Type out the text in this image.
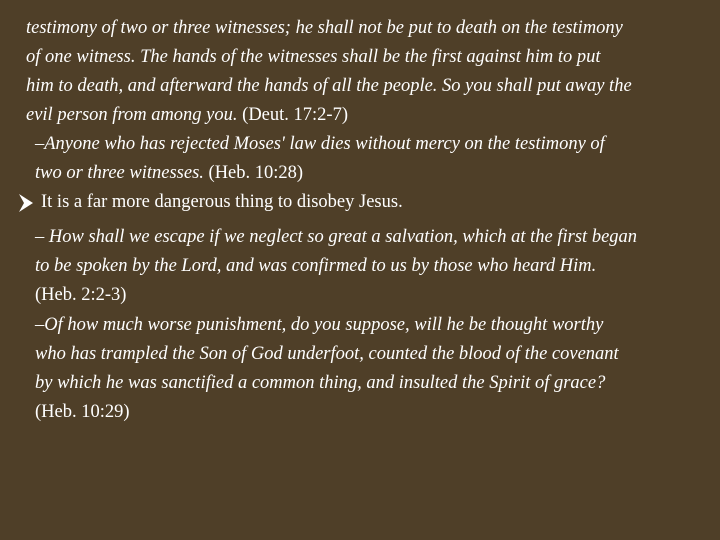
testimony of two or three witnesses; he shall not be put to death on the testimony
of one witness. The hands of the witnesses shall be the first against him to put
him to death, and afterward the hands of all the people. So you shall put away the
evil person from among you. (Deut. 17:2-7)
–Anyone who has rejected Moses' law dies without mercy on the testimony of
two or three witnesses. (Heb. 10:28)
It is a far more dangerous thing to disobey Jesus.
– How shall we escape if we neglect so great a salvation, which at the first began
to be spoken by the Lord, and was confirmed to us by those who heard Him.
(Heb. 2:2-3)
–Of how much worse punishment, do you suppose, will he be thought worthy
who has trampled the Son of God underfoot, counted the blood of the covenant
by which he was sanctified a common thing, and insulted the Spirit of grace?
(Heb. 10:29)
